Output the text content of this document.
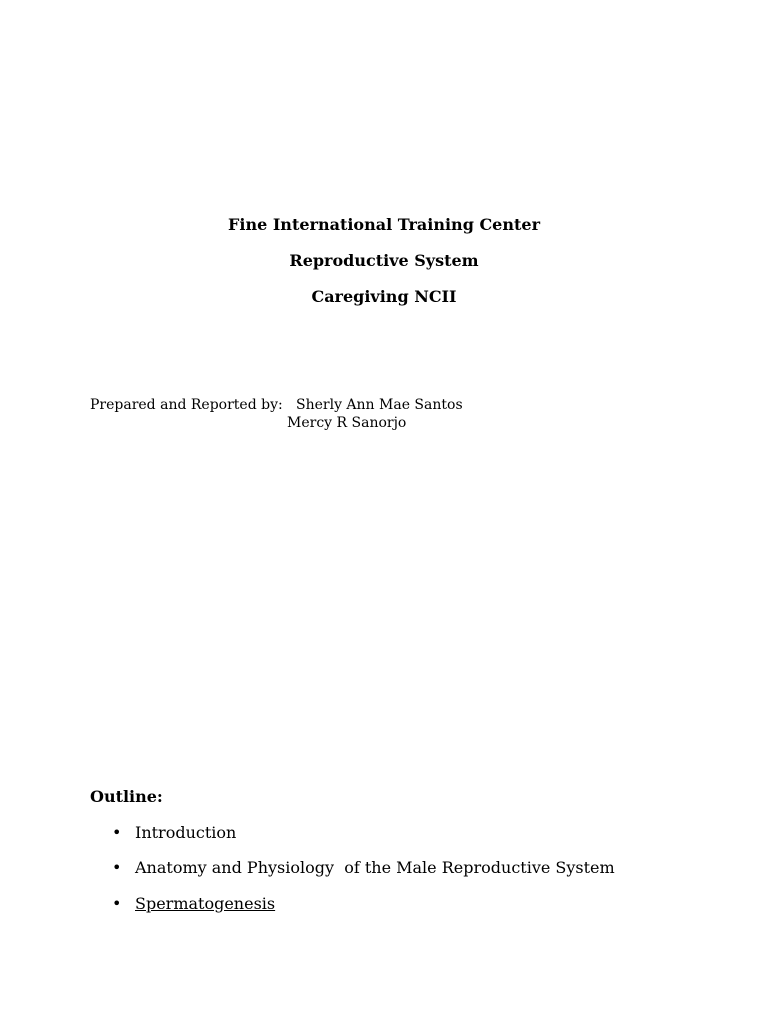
Fine International Training Center
Reproductive System
Caregiving NCII
Prepared and Reported by: Sherly Ann Mae Santos
Mercy R Sanorjo
Outline:
• Introduction
• Anatomy and Physiology  of the Male Reproductive System
• Spermatogenesis
